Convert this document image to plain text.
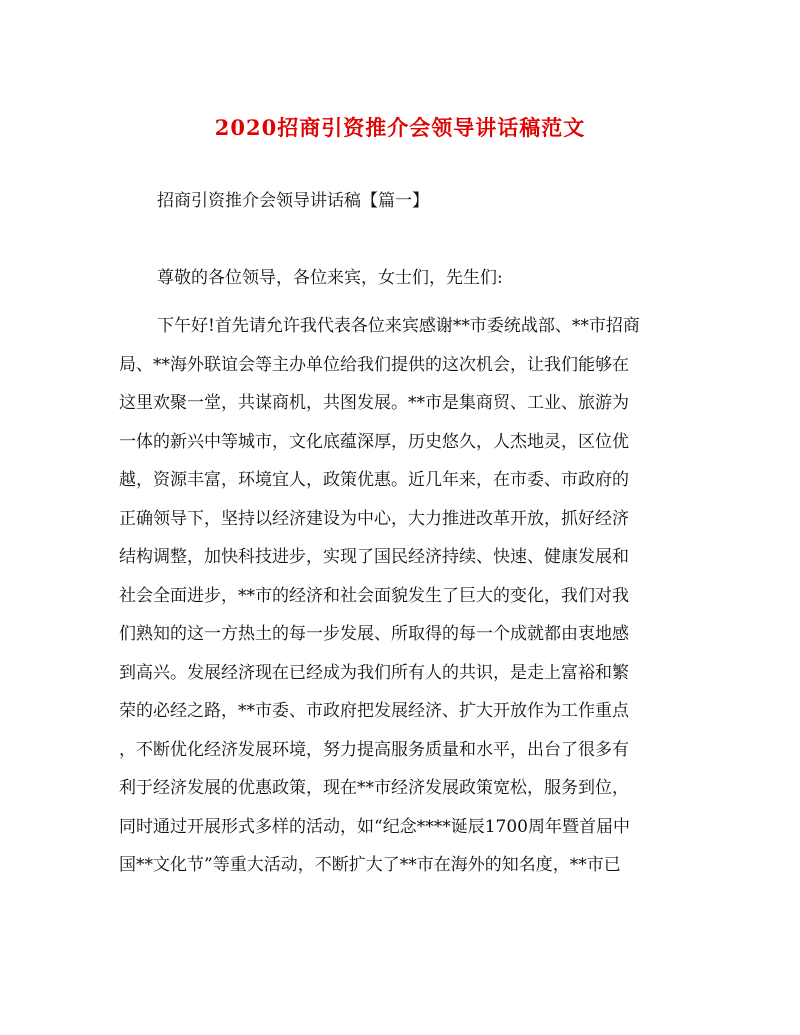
2020招商引资推介会领导讲话稿范文
招商引资推介会领导讲话稿【篇一】
尊敬的各位领导，各位来宾，女士们，先生们:
下午好!首先请允许我代表各位来宾感谢**市委统战部、**市招商
局、**海外联谊会等主办单位给我们提供的这次机会，让我们能够在
这里欢聚一堂，共谋商机，共图发展。**市是集商贸、工业、旅游为
一体的新兴中等城市，文化底蕴深厚，历史悠久，人杰地灵，区位优
越，资源丰富，环境宜人，政策优惠。近几年来，在市委、市政府的
正确领导下，坚持以经济建设为中心，大力推进改革开放，抓好经济
结构调整，加快科技进步，实现了国民经济持续、快速、健康发展和
社会全面进步，**市的经济和社会面貌发生了巨大的变化，我们对我
们熟知的这一方热土的每一步发展、所取得的每一个成就都由衷地感
到高兴。发展经济现在已经成为我们所有人的共识，是走上富裕和繁
荣的必经之路，**市委、市政府把发展经济、扩大开放作为工作重点
，不断优化经济发展环境，努力提高服务质量和水平，出台了很多有
利于经济发展的优惠政策，现在**市经济发展政策宽松，服务到位，
同时通过开展形式多样的活动，如“纪念****诞辰1700周年暨首届中
国**文化节”等重大活动，不断扩大了**市在海外的知名度，**市已
